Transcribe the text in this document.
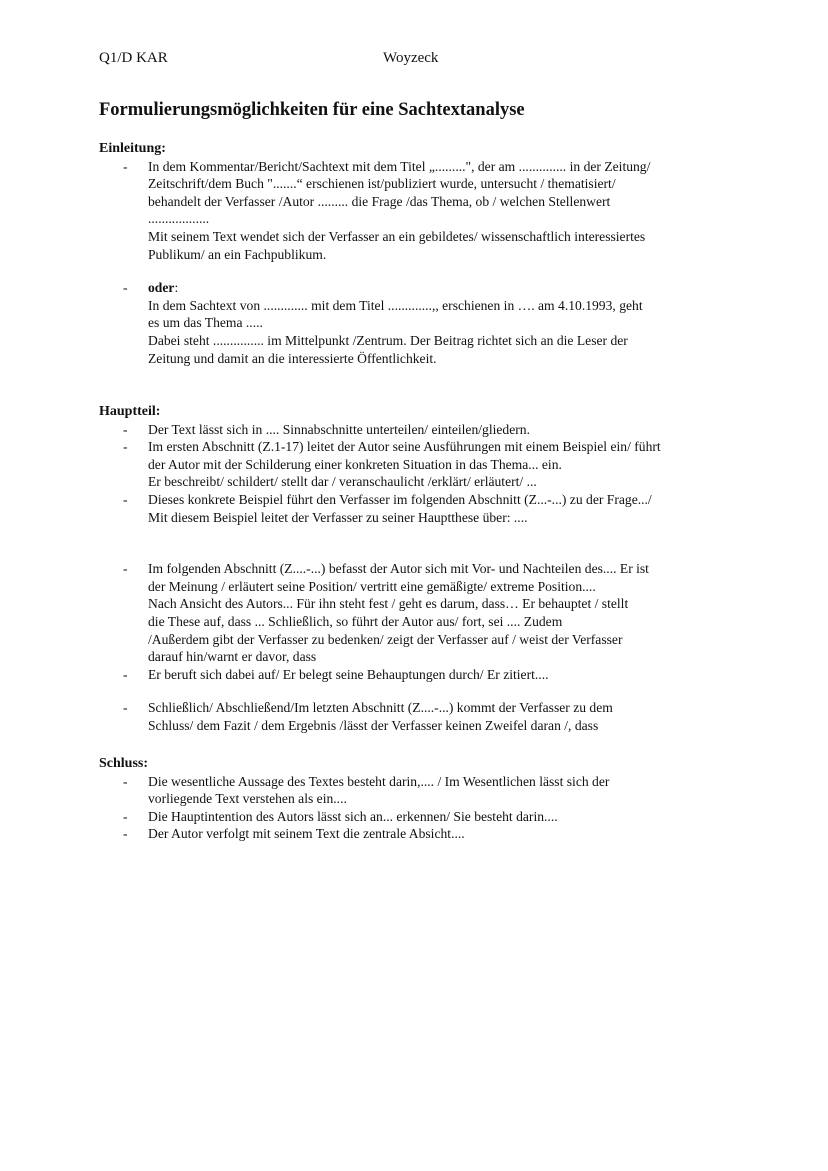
Q1/D KAR	Woyzeck
Formulierungsmöglichkeiten für eine Sachtextanalyse

Einleitung:

- In dem Kommentar/Bericht/Sachtext mit dem Titel „.........", der am .............. in der Zeitung/
Zeitschrift/dem Buch ".......“ erschienen ist/publiziert wurde, untersucht / thematisiert/
behandelt der Verfasser /Autor ......... die Frage /das Thema, ob / welchen Stellenwert
..................
Mit seinem Text wendet sich der Verfasser an ein gebildetes/ wissenschaftlich interessiertes
Publikum/ an ein Fachpublikum.
- oder:
In dem Sachtext von ............. mit dem Titel .............,, erschienen in …. am 4.10.1993, geht
es um das Thema .....
Dabei steht ............... im Mittelpunkt /Zentrum. Der Beitrag richtet sich an die Leser der
Zeitung und damit an die interessierte Öffentlichkeit.

Hauptteil:

- Der Text lässt sich in .... Sinnabschnitte unterteilen/ einteilen/gliedern.
- Im ersten Abschnitt (Z.1-17) leitet der Autor seine Ausführungen mit einem Beispiel ein/ führt
der Autor mit der Schilderung einer konkreten Situation in das Thema... ein.
Er beschreibt/ schildert/ stellt dar / veranschaulicht /erklärt/ erläutert/ ...
- Dieses konkrete Beispiel führt den Verfasser im folgenden Abschnitt (Z...-...) zu der Frage.../
Mit diesem Beispiel leitet der Verfasser zu seiner Hauptthese über: ....
- Im folgenden Abschnitt (Z....-...) befasst der Autor sich mit Vor- und Nachteilen des.... Er ist
der Meinung / erläutert seine Position/ vertritt eine gemäßigte/ extreme Position....
Nach Ansicht des Autors... Für ihn steht fest / geht es darum, dass… Er behauptet / stellt
die These auf, dass ... Schließlich, so führt der Autor aus/ fort, sei .... Zudem
/Außerdem gibt der Verfasser zu bedenken/ zeigt der Verfasser auf / weist der Verfasser
darauf hin/warnt er davor, dass
- Er beruft sich dabei auf/ Er belegt seine Behauptungen durch/ Er zitiert....
- Schließlich/ Abschließend/Im letzten Abschnitt (Z....-...) kommt der Verfasser zu dem
Schluss/ dem Fazit / dem Ergebnis /lässt der Verfasser keinen Zweifel daran /, dass

Schluss:

- Die wesentliche Aussage des Textes besteht darin,.... / Im Wesentlichen lässt sich der
vorliegende Text verstehen als ein....
- Die Hauptintention des Autors lässt sich an... erkennen/ Sie besteht darin....
- Der Autor verfolgt mit seinem Text die zentrale Absicht....
